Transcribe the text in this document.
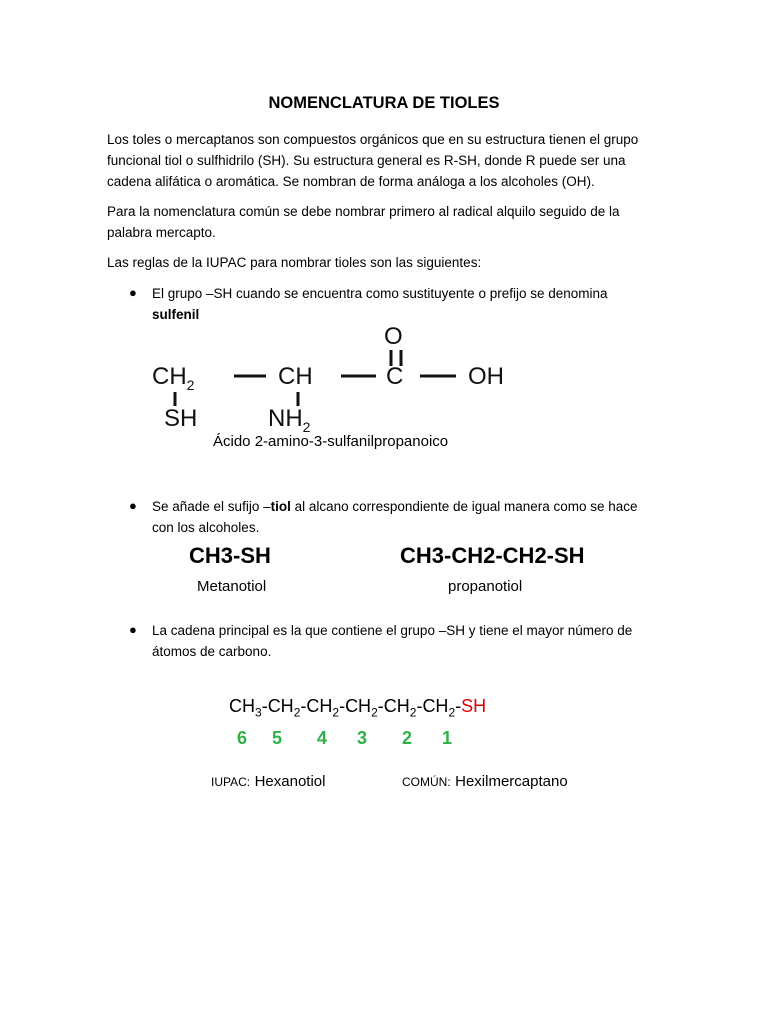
NOMENCLATURA DE TIOLES
Los toles o mercaptanos son compuestos orgánicos que en su estructura tienen el grupo funcional tiol o sulfhidrilo (SH). Su estructura general es R-SH, donde R puede ser una cadena alifática o aromática. Se nombran de forma análoga a los alcoholes (OH).
Para la nomenclatura común se debe nombrar primero al radical alquilo seguido de la palabra mercapto.
Las reglas de la IUPAC para nombrar tioles son las siguientes:
● El grupo –SH cuando se encuentra como sustituyente o prefijo se denomina
sulfenil
$CH_2$	CH	C	OH
O
SH	$NH_2$
Ácido 2-amino-3-sulfanilpropanoico
● Se añade el sufijo –tiol al alcano correspondiente de igual manera como se hace con los alcoholes.
CH3-SH
Metanotiol
CH3-CH2-CH2-SH
propanotiol
● La cadena principal es la que contiene el grupo –SH y tiene el mayor número de átomos de carbono.
$CH_3-CH_2-CH_2-CH_2-CH_2-CH_2-SH$
6 5 4 3 2 1
IUPAC: Hexanotiol	COMÚN: Hexilmercaptano
